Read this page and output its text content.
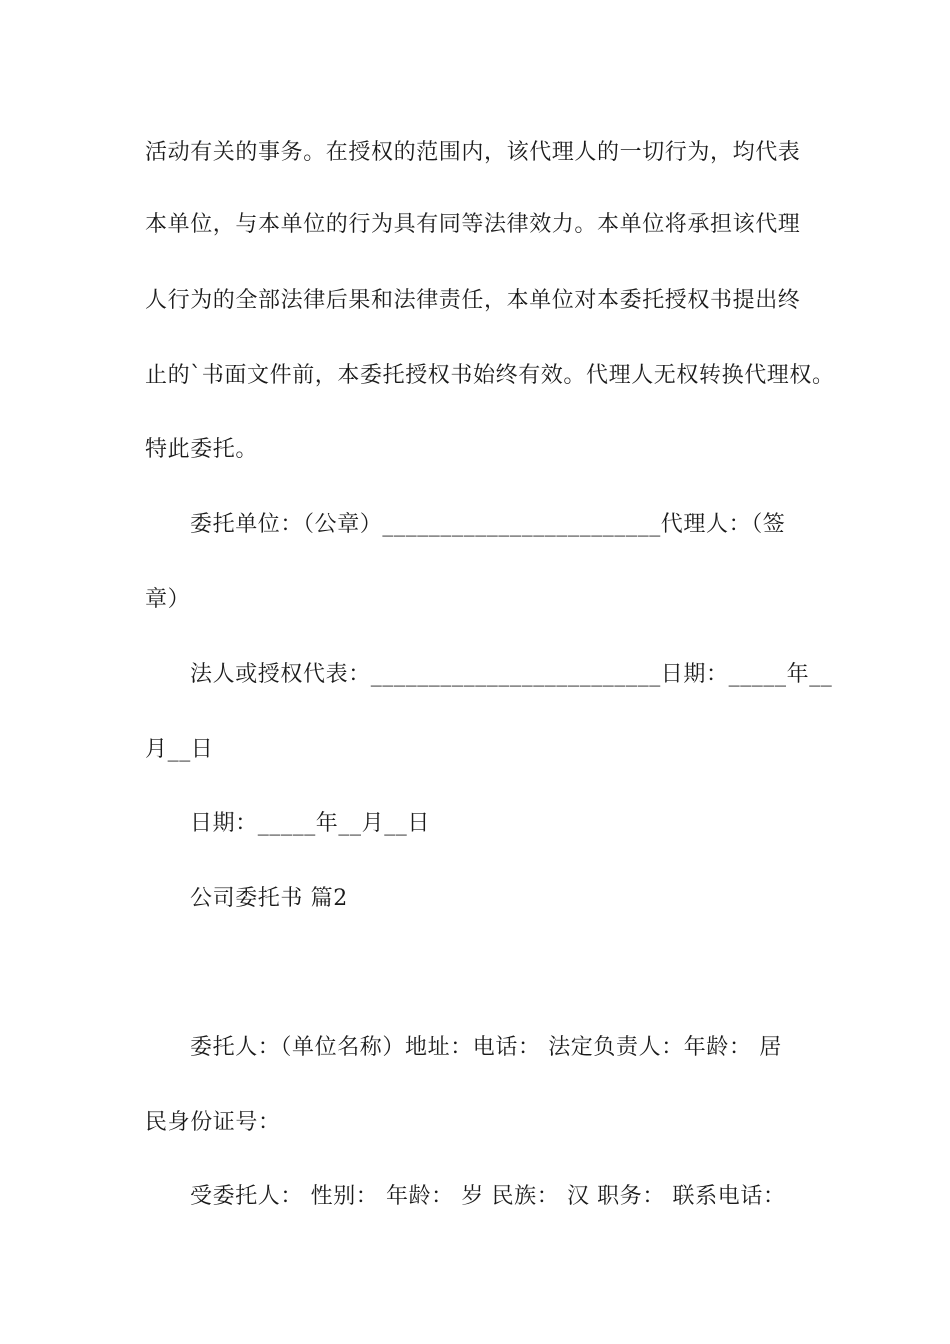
活动有关的事务。在授权的范围内，该代理人的一切行为，均代表
本单位，与本单位的行为具有同等法律效力。本单位将承担该代理
人行为的全部法律后果和法律责任，本单位对本委托授权书提出终
止的`书面文件前，本委托授权书始终有效。代理人无权转换代理权。
特此委托。
委托单位：（公章）________________________代理人：（签
章）
法人或授权代表：_________________________日期：_____年__
月__日
日期：_____年__月__日
公司委托书 篇2
委托人：（单位名称）地址：电话： 法定负责人：年龄： 居
民身份证号：
受委托人： 性别： 年龄： 岁 民族： 汉 职务： 联系电话：
